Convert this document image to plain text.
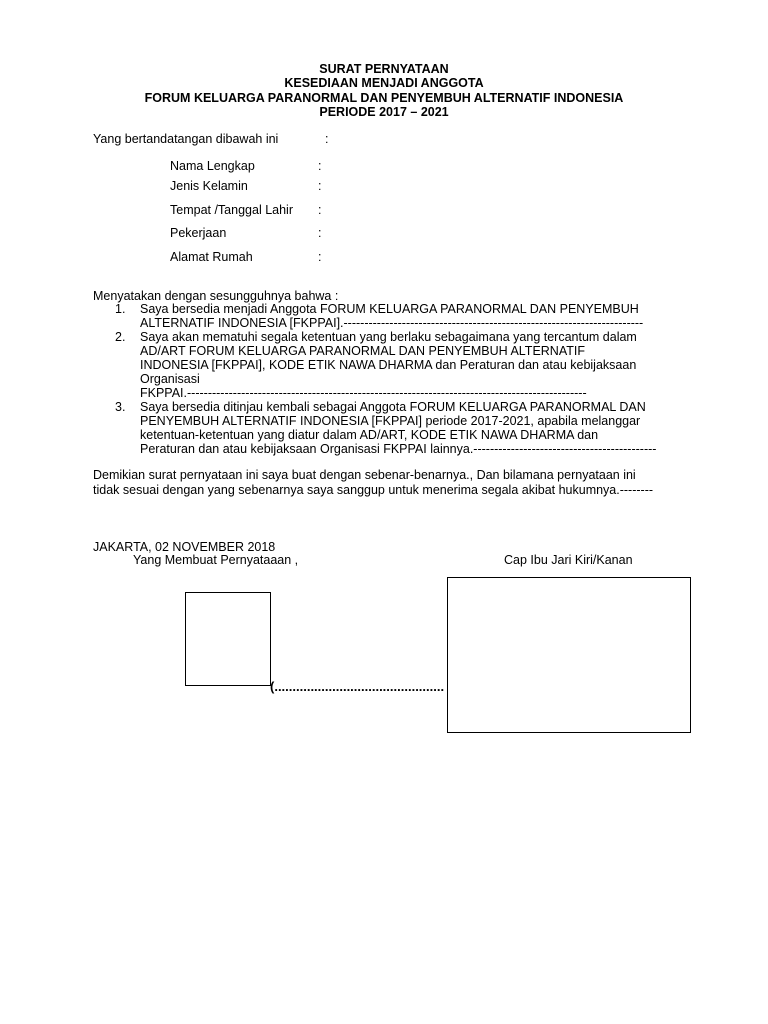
SURAT PERNYATAAN
KESEDIAAN MENJADI ANGGOTA
FORUM KELUARGA PARANORMAL DAN PENYEMBUH ALTERNATIF INDONESIA
PERIODE 2017 – 2021
Yang bertandatangan dibawah ini	:
Nama Lengkap	:
Jenis Kelamin	:
Tempat /Tanggal Lahir :
Pekerjaan	:
Alamat Rumah	:
Menyatakan dengan sesungguhnya bahwa :
1. Saya bersedia menjadi Anggota FORUM KELUARGA PARANORMAL DAN PENYEMBUH
ALTERNATIF INDONESIA [FKPPAI].------------------------------------------------------------------------
2. Saya akan mematuhi segala ketentuan yang berlaku sebagaimana yang tercantum dalam
AD/ART FORUM KELUARGA PARANORMAL DAN PENYEMBUH ALTERNATIF
INDONESIA [FKPPAI], KODE ETIK NAWA DHARMA dan Peraturan dan atau kebijaksaan
Organisasi
FKPPAI.------------------------------------------------------------------------------------------------
3. Saya bersedia ditinjau kembali sebagai Anggota FORUM KELUARGA PARANORMAL DAN
PENYEMBUH ALTERNATIF INDONESIA [FKPPAI] periode 2017-2021, apabila melanggar
ketentuan-ketentuan yang diatur dalam AD/ART, KODE ETIK NAWA DHARMA dan
Peraturan dan atau kebijaksaan Organisasi FKPPAI lainnya.--------------------------------------------
Demikian surat pernyataan ini saya buat dengan sebenar-benarnya., Dan bilamana pernyataan ini
tidak sesuai dengan yang sebenarnya saya sanggup untuk menerima segala akibat hukumnya.--------
JAKARTA, 02 NOVEMBER 2018
Yang Membuat Pernyataaan ,	Cap Ibu Jari Kiri/Kanan
(...............................................
